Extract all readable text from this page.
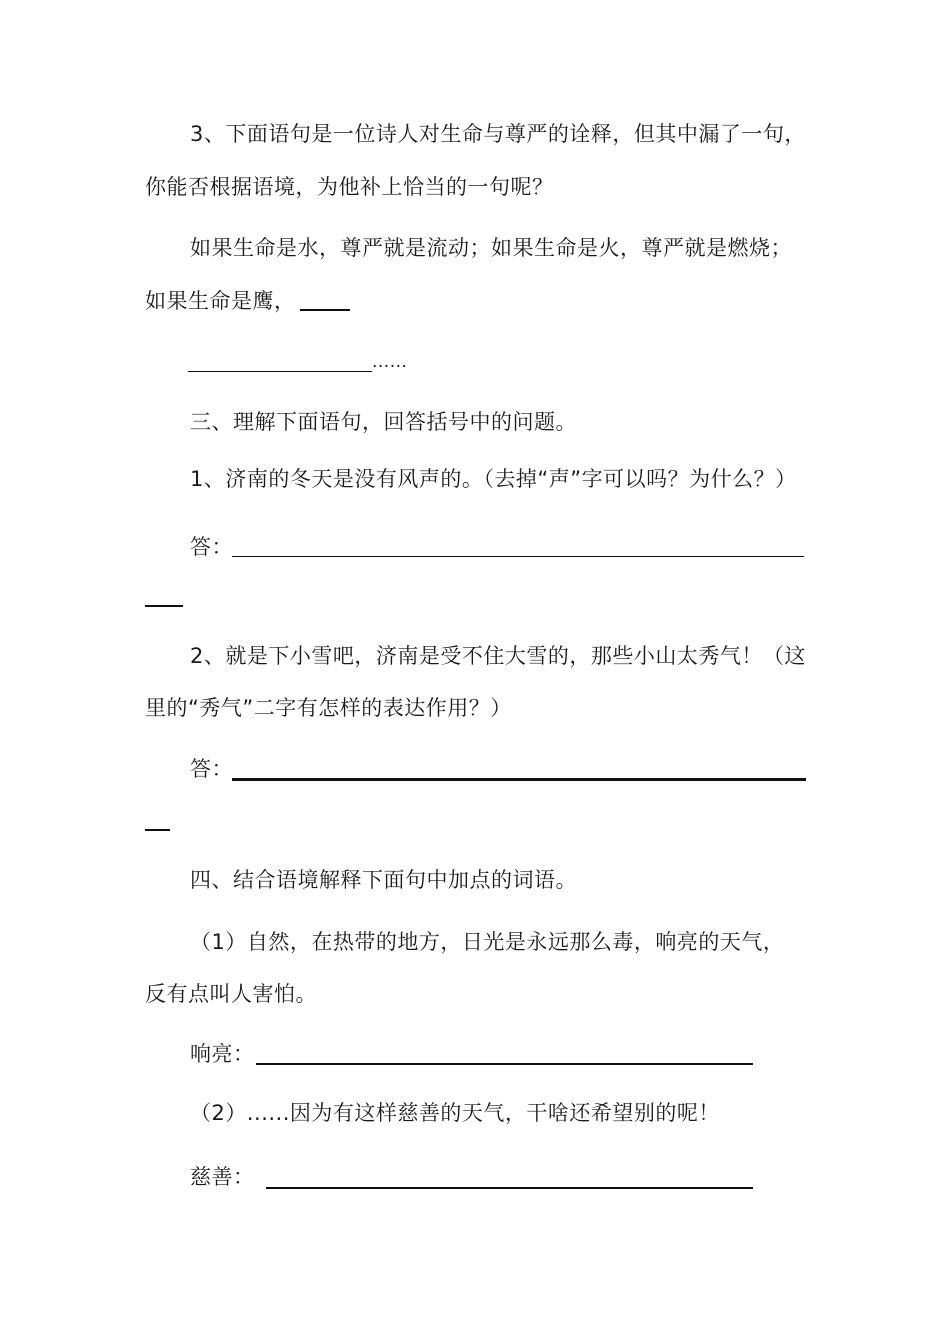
3、下面语句是一位诗人对生命与尊严的诠释，但其中漏了一句，
你能否根据语境，为他补上恰当的一句呢？
如果生命是水，尊严就是流动；如果生命是火，尊严就是燃烧；
如果生命是鹰，
......
三、理解下面语句，回答括号中的问题。
1、济南的冬天是没有风声的。（去掉“声”字可以吗？为什么？）
答：
2、就是下小雪吧，济南是受不住大雪的，那些小山太秀气！（这
里的“秀气”二字有怎样的表达作用？）
答：
四、结合语境解释下面句中加点的词语。
（1）自然，在热带的地方，日光是永远那么毒，响亮的天气，
反有点叫人害怕。
响亮：
（2）......因为有这样慈善的天气，干啥还希望别的呢！
慈善：
